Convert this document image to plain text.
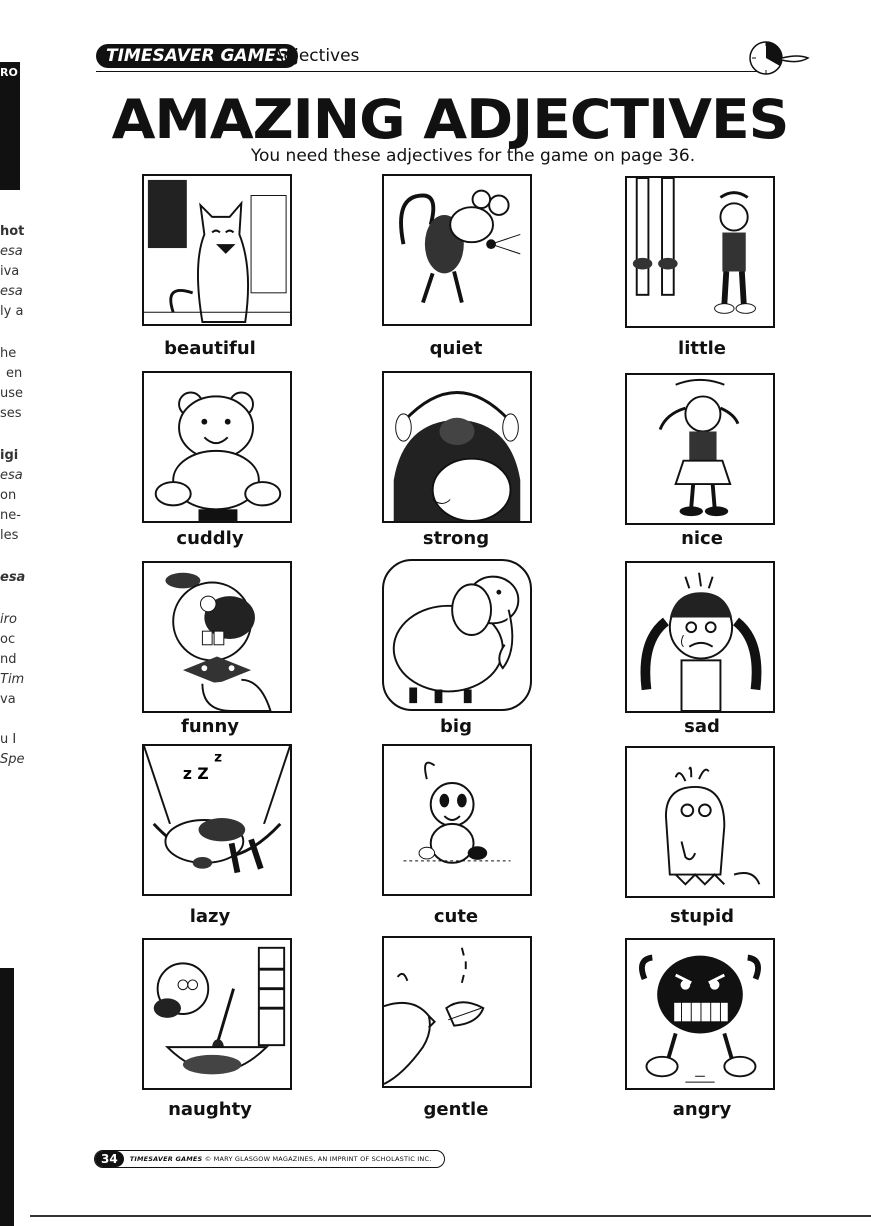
RO
hot
esa
iva
esa
ly a
he
en
use
ses
igi
esa
on
ne-
les
esa
iro
oc
nd
Tim
va
u I
Spe
TIMESAVER GAMES
Adjectives
AMAZING ADJECTIVES
You need these adjectives for the game on page 36.
beautiful	quiet	little
cuddly	strong	nice
funny	big	sad
z Z
z
lazy	cute	stupid
naughty	gentle	angry
34 TIMESAVER GAMES © MARY GLASGOW MAGAZINES, AN IMPRINT OF SCHOLASTIC INC.
